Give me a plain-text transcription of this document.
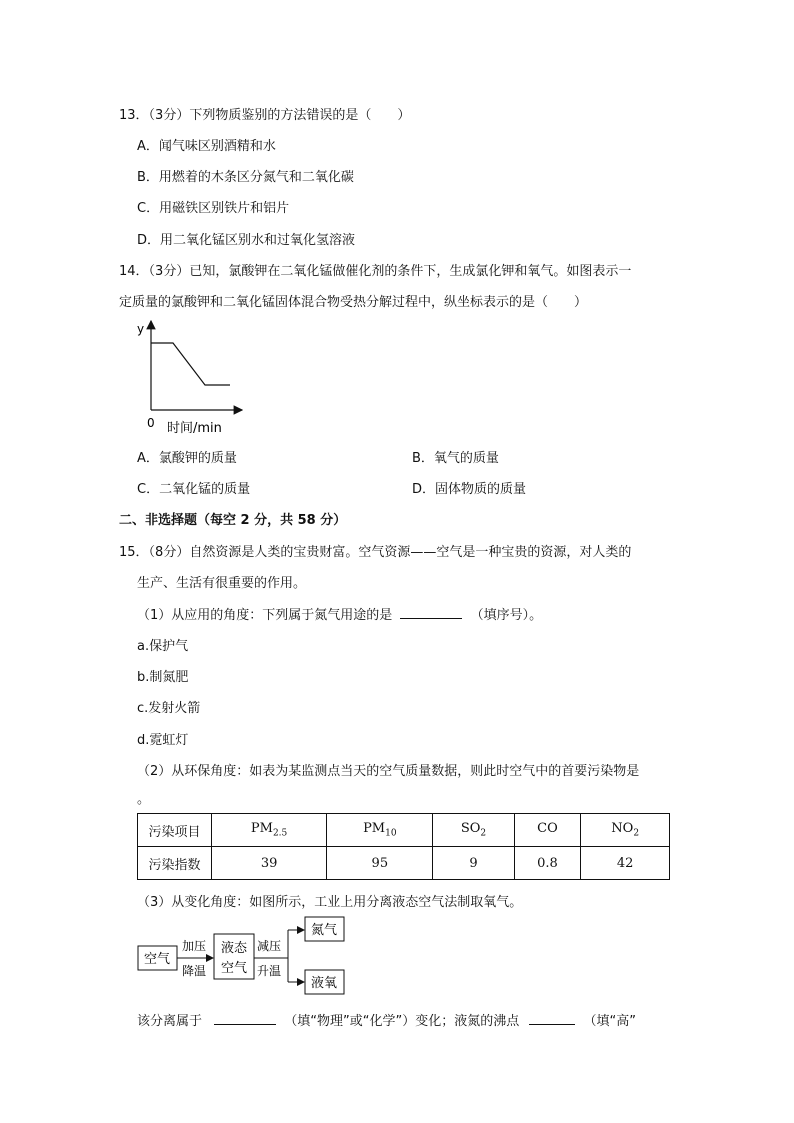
13．（3分）下列物质鉴别的方法错误的是（　　）
A．闻气味区别酒精和水
B．用燃着的木条区分氮气和二氧化碳
C．用磁铁区别铁片和铝片
D．用二氧化锰区别水和过氧化氢溶液
14．（3分）已知，氯酸钾在二氧化锰做催化剂的条件下，生成氯化钾和氧气。如图表示一
定质量的氯酸钾和二氧化锰固体混合物受热分解过程中，纵坐标表示的是（　　）
y
0 时间/min
A．氯酸钾的质量	B．氧气的质量
C．二氧化锰的质量	D．固体物质的质量
二、非选择题（每空 2 分，共 58 分）
15．（8分）自然资源是人类的宝贵财富。空气资源——空气是一种宝贵的资源，对人类的
生产、生活有很重要的作用。
（1）从应用的角度：下列属于氮气用途的是	（填序号）。
a.保护气
b.制氮肥
c.发射火箭
d.霓虹灯
（2）从环保角度：如表为某监测点当天的空气质量数据，则此时空气中的首要污染物是
。
污染项目	$PM_{2.5}$	$PM_{10}$	$SO_2$	CO	$NO_2$
污染指数	39	95	9	0.8	42
（3）从变化角度：如图所示，工业上用分离液态空气法制取氧气。
空气
加压
降温
液态
空气
减压
升温
氮气
液氧
该分离属于	（填“物理”或“化学”）变化；液氮的沸点	（填“高”
